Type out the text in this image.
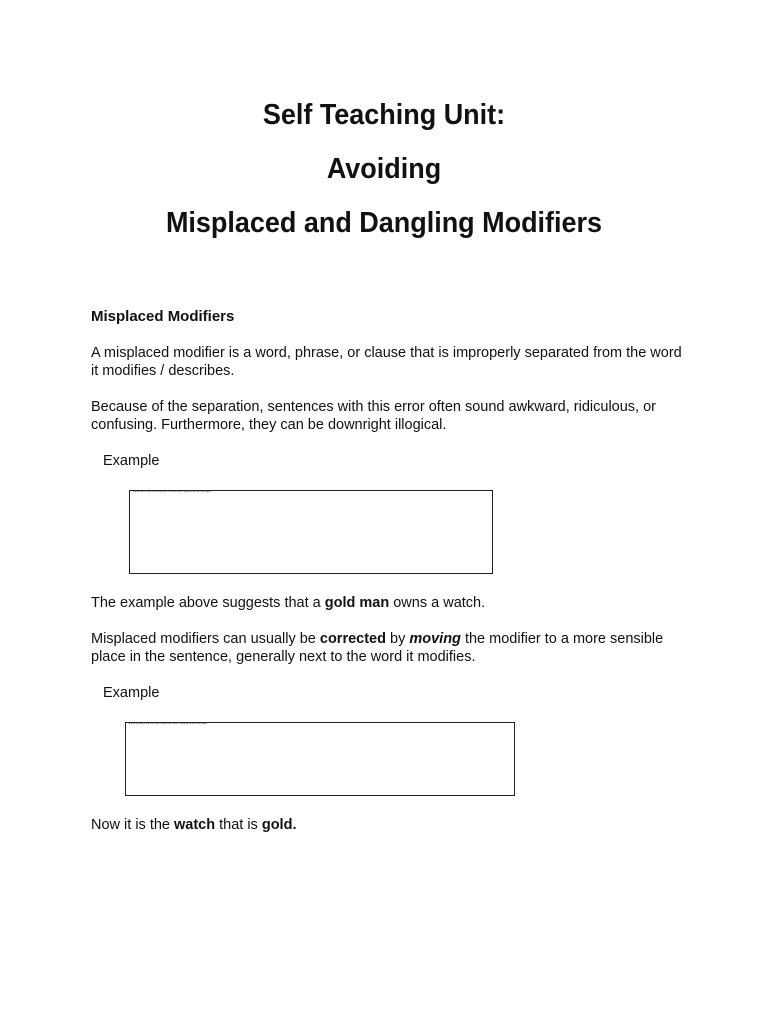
Self Teaching Unit:

Avoiding

Misplaced and Dangling Modifiers

Misplaced Modifiers

A misplaced modifier is a word, phrase, or clause that is improperly separated from the word it modifies / describes.

Because of the separation, sentences with this error often sound awkward, ridiculous, or confusing. Furthermore, they can be downright illogical.

Example

A man owns a gold watch wearing a red shirt who is sitting at the bus stop today

The example above suggests that a gold man owns a watch.

Misplaced modifiers can usually be corrected by moving the modifier to a more sensible place in the sentence, generally next to the word it modifies.

Example

A man wearing a red shirt owns a gold watch who is sitting at the bus stop today

Now it is the watch that is gold.
